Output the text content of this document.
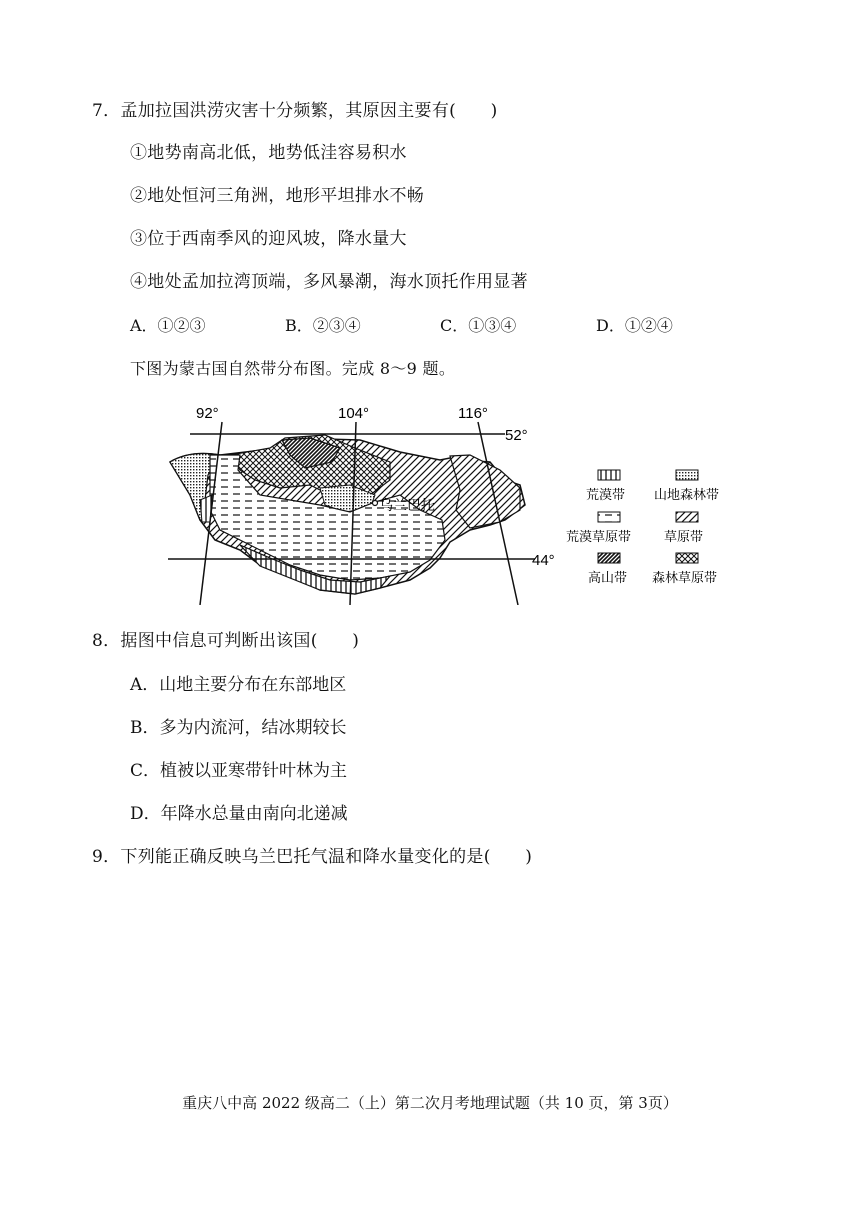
7．孟加拉国洪涝灾害十分频繁，其原因主要有(　　)
①地势南高北低，地势低洼容易积水
②地处恒河三角洲，地形平坦排水不畅
③位于西南季风的迎风坡，降水量大
④地处孟加拉湾顶端，多风暴潮，海水顶托作用显著
A．①②③	B．②③④	C．①③④	D．①②④
下图为蒙古国自然带分布图。完成 8～9 题。
乌兰巴托
92°	104°	116°
52°
44°
荒漠带 山地森林带
荒漠草原带	草原带
高山带 森林草原带
8．据图中信息可判断出该国(　　)
A．山地主要分布在东部地区
B．多为内流河，结冰期较长
C．植被以亚寒带针叶林为主
D．年降水总量由南向北递减
9．下列能正确反映乌兰巴托气温和降水量变化的是(　　)
重庆八中高 2022 级高二（上）第二次月考地理试题（共 10 页，第 3页）
